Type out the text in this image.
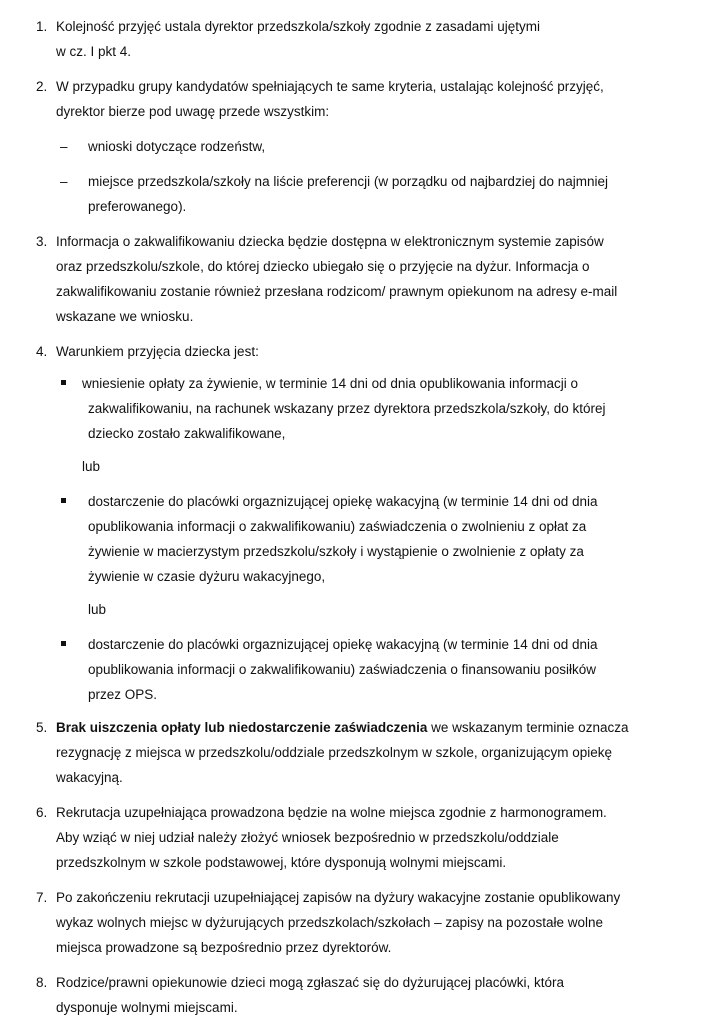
1. Kolejność przyjęć ustala dyrektor przedszkola/szkoły zgodnie z zasadami ujętymi
w cz. I pkt 4.
2. W przypadku grupy kandydatów spełniających te same kryteria, ustalając kolejność przyjęć,
dyrektor bierze pod uwagę przede wszystkim:
– wnioski dotyczące rodzeństw,
– miejsce przedszkola/szkoły na liście preferencji (w porządku od najbardziej do najmniej
preferowanego).
3. Informacja o zakwalifikowaniu dziecka będzie dostępna w elektronicznym systemie zapisów
oraz przedszkolu/szkole, do której dziecko ubiegało się o przyjęcie na dyżur. Informacja o
zakwalifikowaniu zostanie również przesłana rodzicom/ prawnym opiekunom na adresy e-mail
wskazane we wniosku.
4. Warunkiem przyjęcia dziecka jest:
wniesienie opłaty za żywienie, w terminie 14 dni od dnia opublikowania informacji o
zakwalifikowaniu, na rachunek wskazany przez dyrektora przedszkola/szkoły, do której
dziecko zostało zakwalifikowane,
lub
dostarczenie do placówki orgaznizującej opiekę wakacyjną (w terminie 14 dni od dnia
opublikowania informacji o zakwalifikowaniu) zaświadczenia o zwolnieniu z opłat za
żywienie w macierzystym przedszkolu/szkoły i wystąpienie o zwolnienie z opłaty za
żywienie w czasie dyżuru wakacyjnego,
lub
dostarczenie do placówki orgaznizującej opiekę wakacyjną (w terminie 14 dni od dnia
opublikowania informacji o zakwalifikowaniu) zaświadczenia o finansowaniu posiłków
przez OPS.
5. Brak uiszczenia opłaty lub niedostarczenie zaświadczenia we wskazanym terminie oznacza
rezygnację z miejsca w przedszkolu/oddziale przedszkolnym w szkole, organizującym opiekę
wakacyjną.
6. Rekrutacja uzupełniająca prowadzona będzie na wolne miejsca zgodnie z harmonogramem.
Aby wziąć w niej udział należy złożyć wniosek bezpośrednio w przedszkolu/oddziale
przedszkolnym w szkole podstawowej, które dysponują wolnymi miejscami.
7. Po zakończeniu rekrutacji uzupełniającej zapisów na dyżury wakacyjne zostanie opublikowany
wykaz wolnych miejsc w dyżurujących przedszkolach/szkołach – zapisy na pozostałe wolne
miejsca prowadzone są bezpośrednio przez dyrektorów.
8. Rodzice/prawni opiekunowie dzieci mogą zgłaszać się do dyżurującej placówki, która
dysponuje wolnymi miejscami.
